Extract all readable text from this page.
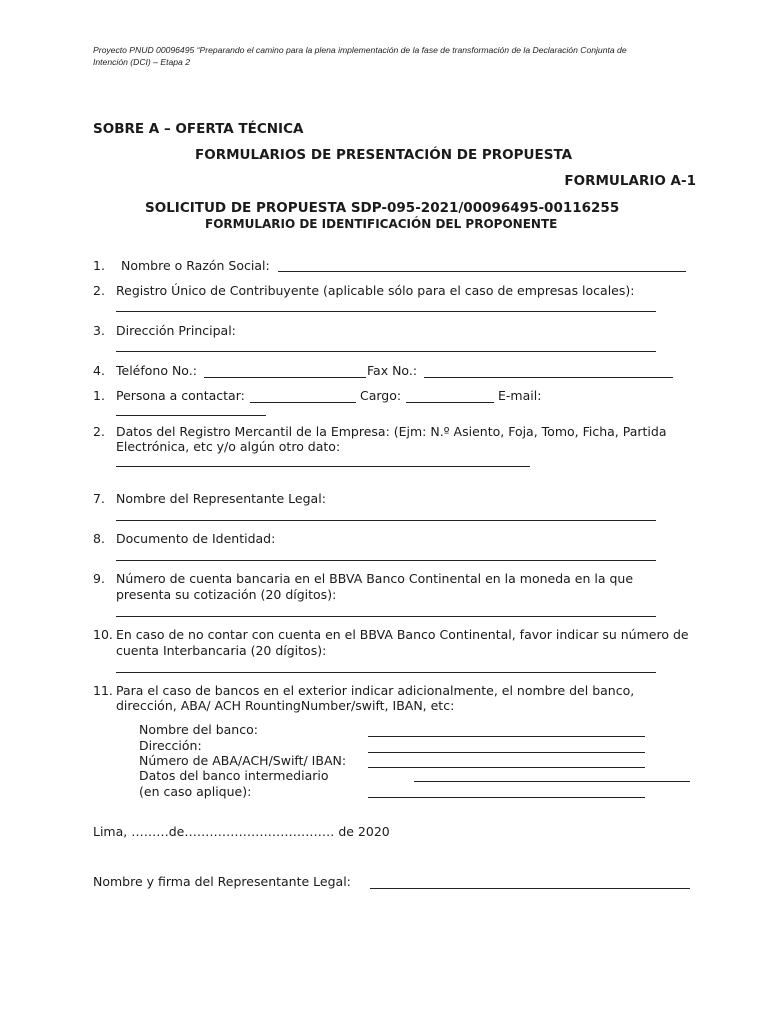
Proyecto PNUD 00096495 “Preparando el camino para la plena implementación de la fase de transformación de la Declaración Conjunta de
Intención (DCI) – Etapa 2
SOBRE A – OFERTA TÉCNICA
FORMULARIOS DE PRESENTACIÓN DE PROPUESTA
FORMULARIO A-1
SOLICITUD DE PROPUESTA SDP-095-2021/00096495-00116255
FORMULARIO DE IDENTIFICACIÓN DEL PROPONENTE
1. Nombre o Razón Social:
2. Registro Único de Contribuyente (aplicable sólo para el caso de empresas locales):
3. Dirección Principal:
4. Teléfono No.:	Fax No.:
1. Persona a contactar:	Cargo:	E-mail:
2. Datos del Registro Mercantil de la Empresa: (Ejm: N.º Asiento, Foja, Tomo, Ficha, Partida
Electrónica, etc y/o algún otro dato:
7. Nombre del Representante Legal:
8. Documento de Identidad:
9. Número de cuenta bancaria en el BBVA Banco Continental en la moneda en la que
presenta su cotización (20 dígitos):
10. En caso de no contar con cuenta en el BBVA Banco Continental, favor indicar su número de
cuenta Interbancaria (20 dígitos):
11. Para el caso de bancos en el exterior indicar adicionalmente, el nombre del banco,
dirección, ABA/ ACH RountingNumber/swift, IBAN, etc:
Nombre del banco:
Dirección:
Número de ABA/ACH/Swift/ IBAN:
Datos del banco intermediario
(en caso aplique):
Lima, ………de……………………………… de 2020
Nombre y firma del Representante Legal:
